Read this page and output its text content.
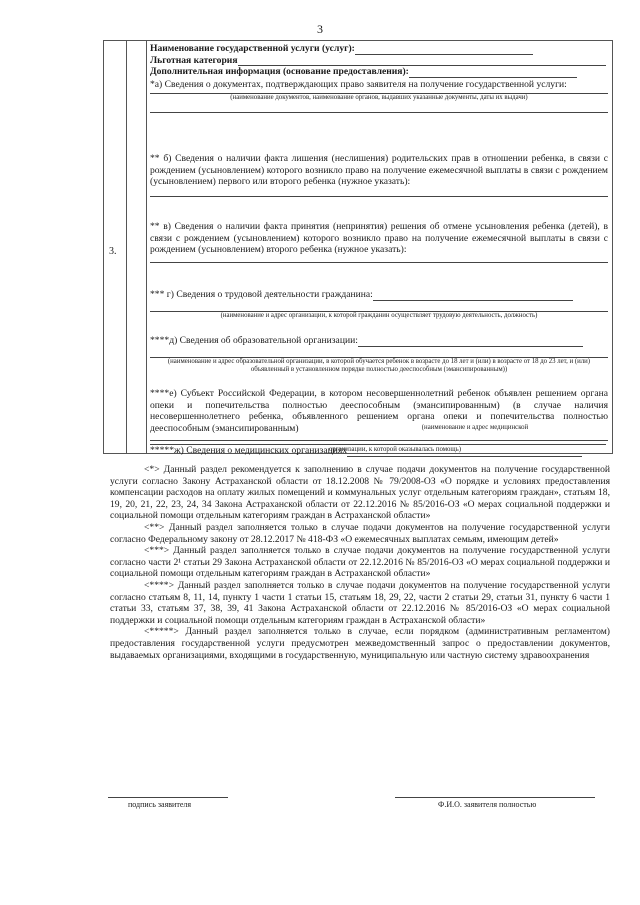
3
3.
Наименование государственной услуги (услуг):
Льготная категория
Дополнительная информация (основание предоставления):
*а) Сведения о документах, подтверждающих право заявителя на получение государственной услуги:
(наименование документов, наименование органов, выдавших указанные документы, даты их выдачи)
** б) Сведения о наличии факта лишения (неслишения) родительских прав в отношении ребенка, в связи с рождением (усыновлением) которого возникло право на получение ежемесячной выплаты в связи с рождением (усыновлением) первого или второго ребенка (нужное указать):
** в) Сведения о наличии факта принятия (непринятия) решения об отмене усыновления ребенка (детей), в связи с рождением (усыновлением) которого возникло право на получение ежемесячной выплаты в связи с рождением (усыновлением) второго ребенка (нужное указать):
*** г) Сведения о трудовой деятельности гражданина:
(наименование и адрес организации, к которой гражданин осуществляет трудовую деятельность, должность)
****д) Сведения об образовательной организации:
(наименование и адрес образовательной организации, в которой обучается ребенок в возрасте до 18 лет и (или) в возрасте от 18 до 23 лет, и (или) объявленный в установленном порядке полностью дееспособным (эмансипированным))
****е) Субъект Российской Федерации, в котором несовершеннолетний ребенок объявлен решением органа опеки и попечительства полностью дееспособным (эмансипированным) (в случае наличия несовершеннолетнего ребенка, объявленного решением органа опеки и попечительства полностью дееспособным (эмансипированным)
*****ж) Сведения о медицинских организациях
(наименование и адрес медицинской
организации, к которой оказывалась помощь)

<*> Данный раздел рекомендуется к заполнению в случае подачи документов на получение государственной услуги согласно Закону Астраханской области от 18.12.2008 № 79/2008-ОЗ «О порядке и условиях предоставления компенсации расходов на оплату жилых помещений и коммунальных услуг отдельным категориям граждан», статьям 18, 19, 20, 21, 22, 23, 24, 34 Закона Астраханской области от 22.12.2016 № 85/2016-ОЗ «О мерах социальной поддержки и социальной помощи отдельным категориям граждан в Астраханской области»

<**> Данный раздел заполняется только в случае подачи документов на получение государственной услуги согласно Федеральному закону от 28.12.2017 № 418-ФЗ «О ежемесячных выплатах семьям, имеющим детей»

<***> Данный раздел заполняется только в случае подачи документов на получение государственной услуги согласно части 2¹ статьи 29 Закона Астраханской области от 22.12.2016 № 85/2016-ОЗ «О мерах социальной поддержки и социальной помощи отдельным категориям граждан в Астраханской области»

<****> Данный раздел заполняется только в случае подачи документов на получение государственной услуги согласно статьям 8, 11, 14, пункту 1 части 1 статьи 15, статьям 18, 29, 22, части 2 статьи 29, статьи 31, пункту 6 части 1 статьи 33, статьям 37, 38, 39, 41 Закона Астраханской области от 22.12.2016 № 85/2016-ОЗ «О мерах социальной поддержки и социальной помощи отдельным категориям граждан в Астраханской области»

<*****> Данный раздел заполняется только в случае, если порядком (административным регламентом) предоставления государственной услуги предусмотрен межведомственный запрос о предоставлении документов, выдаваемых организациями, входящими в государственную, муниципальную или частную систему здравоохранения

подпись заявителя	Ф.И.О. заявителя полностью
